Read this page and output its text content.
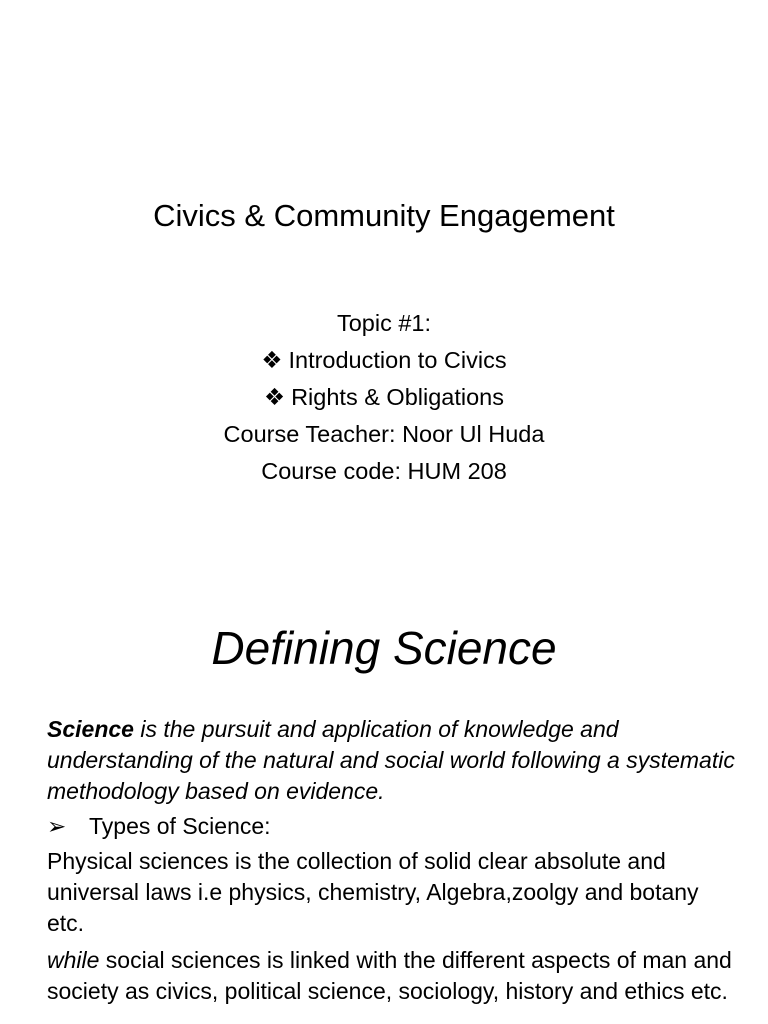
Civics & Community Engagement
Topic #1:
❖ Introduction to Civics
❖ Rights & Obligations
Course Teacher: Noor Ul Huda
Course code: HUM 208
Defining Science

Science is the pursuit and application of knowledge and understanding of the natural and social world following a systematic methodology based on evidence.

➢ Types of Science:

Physical sciences is the collection of solid clear absolute and universal laws i.e physics, chemistry, Algebra,zoolgy and botany etc.

while social sciences is linked with the different aspects of man and society as civics, political science, sociology, history and ethics etc.
